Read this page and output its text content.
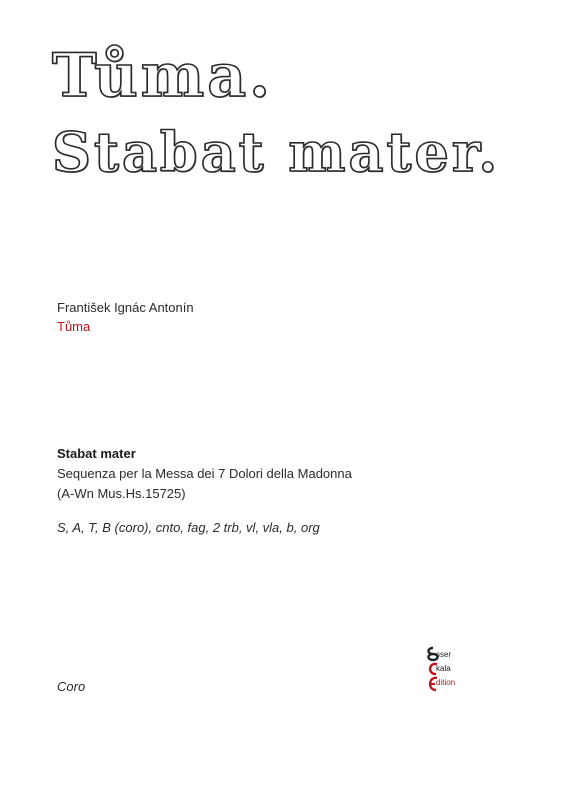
Tůma.
Stabat mater.
František Ignác Antonín
Tůma
Stabat mater
Sequenza per la Messa dei 7 Dolori della Madonna
(A-Wn Mus.Hs.15725)
S, A, T, B (coro), cnto, fag, 2 trb, vl, vla, b, org
Coro
sser
kala
dition
